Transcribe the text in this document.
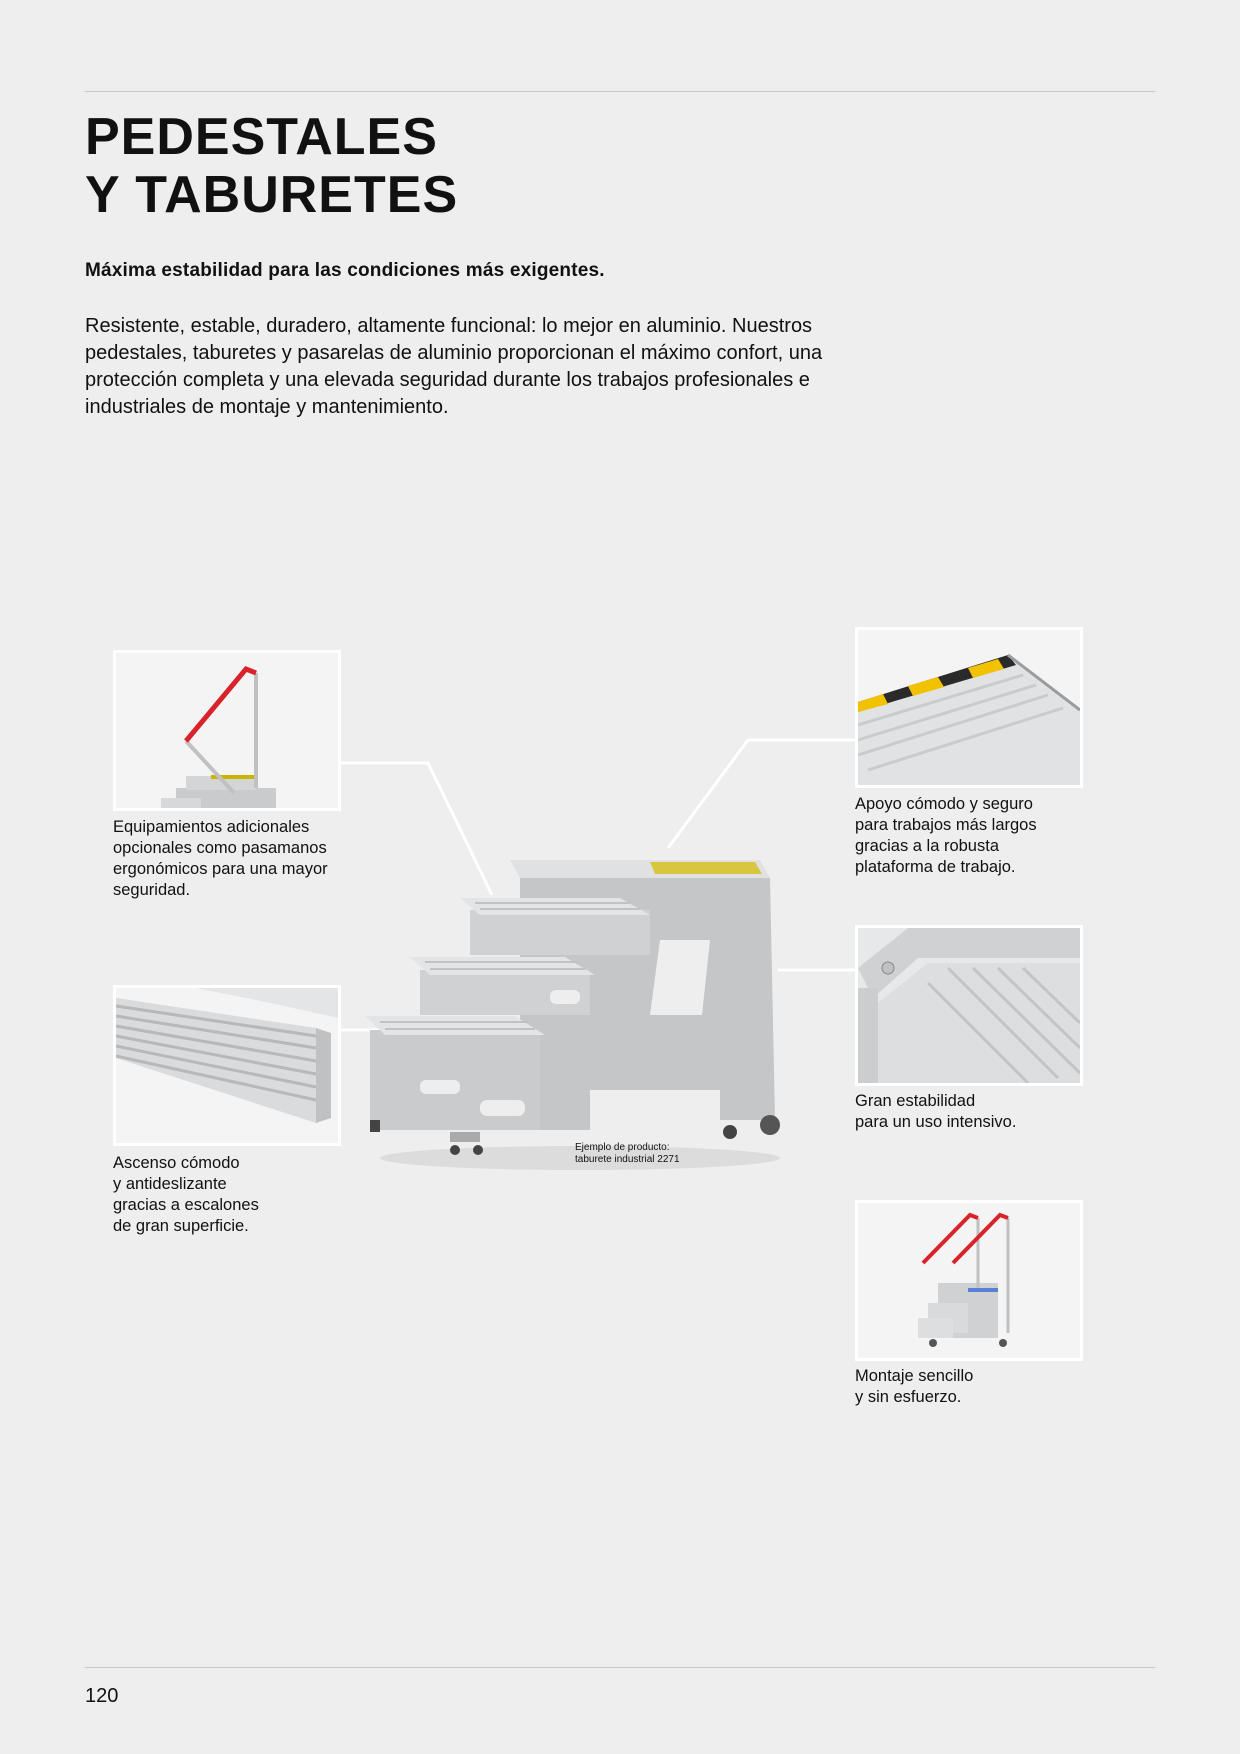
PEDESTALES
Y TABURETES

Máxima estabilidad para las condiciones más exigentes.

Resistente, estable, duradero, altamente funcional: lo mejor en aluminio. Nuestros pedestales, taburetes y pasarelas de aluminio proporcionan el máximo confort, una protección completa y una elevada seguridad durante los trabajos profesionales e industriales de montaje y mantenimiento.

Equipamientos adicionales
opcionales como pasamanos
ergonómicos para una mayor
seguridad.

Ascenso cómodo
y antideslizante
gracias a escalones
de gran superficie.

Ejemplo de producto:
taburete industrial 2271

Apoyo cómodo y seguro
para trabajos más largos
gracias a la robusta
plataforma de trabajo.

Gran estabilidad
para un uso intensivo.

Montaje sencillo
y sin esfuerzo.

120
